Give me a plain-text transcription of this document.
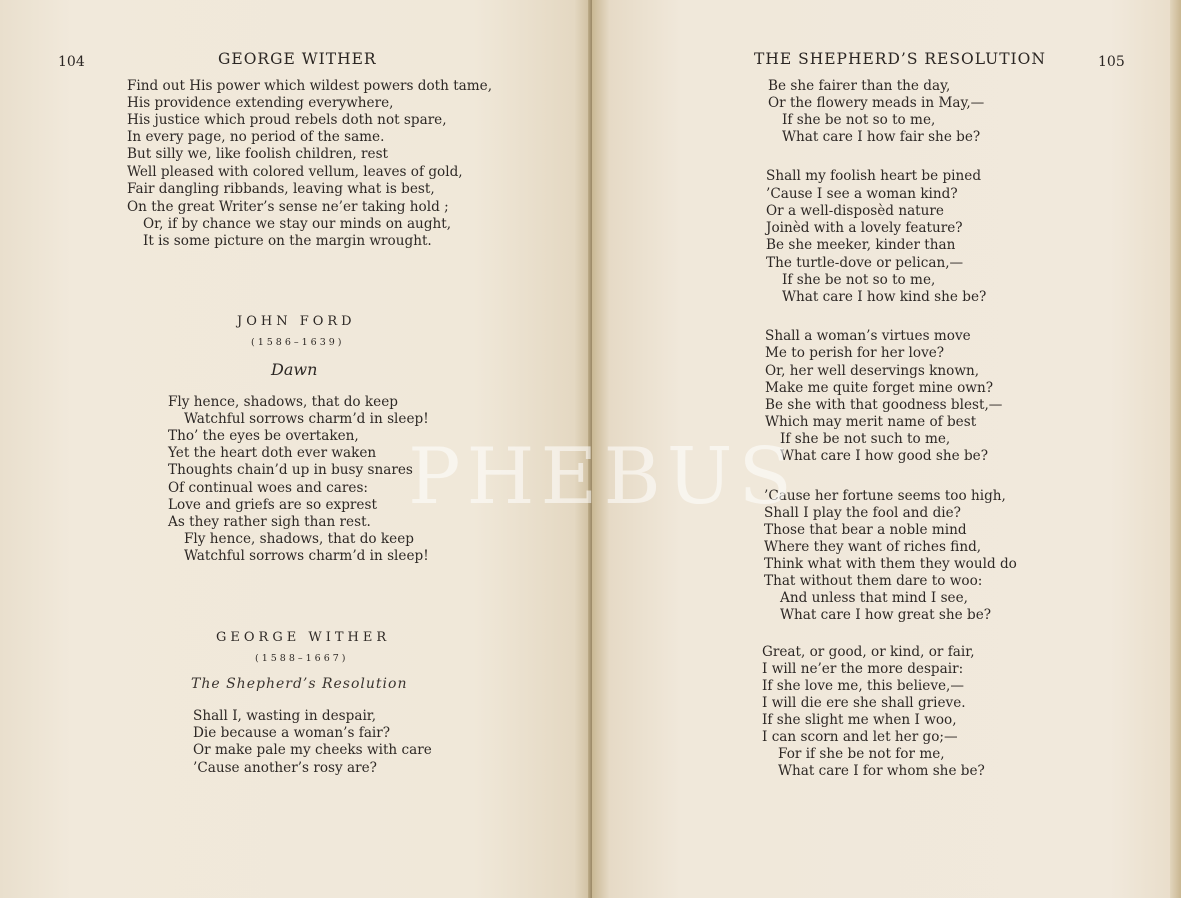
104	GEORGE WITHER
Find out His power which wildest powers doth tame,
His providence extending everywhere,
His justice which proud rebels doth not spare,
In every page, no period of the same.
But silly we, like foolish children, rest
Well pleased with colored vellum, leaves of gold,
Fair dangling ribbands, leaving what is best,
On the great Writer’s sense ne’er taking hold ;
Or, if by chance we stay our minds on aught,
It is some picture on the margin wrought.
JOHN FORD
(1586–1639)
Dawn
Fly hence, shadows, that do keep
Watchful sorrows charm’d in sleep!
Tho’ the eyes be overtaken,
Yet the heart doth ever waken
Thoughts chain’d up in busy snares
Of continual woes and cares:
Love and griefs are so exprest
As they rather sigh than rest.
Fly hence, shadows, that do keep
Watchful sorrows charm’d in sleep!
GEORGE WITHER
(1588–1667)
The Shepherd’s Resolution
Shall I, wasting in despair,
Die because a woman’s fair?
Or make pale my cheeks with care
’Cause another’s rosy are?
THE SHEPHERD’S RESOLUTION	105
Be she fairer than the day,
Or the flowery meads in May,—
If she be not so to me,
What care I how fair she be?
Shall my foolish heart be pined
’Cause I see a woman kind?
Or a well-disposèd nature
Joinèd with a lovely feature?
Be she meeker, kinder than
The turtle-dove or pelican,—
If she be not so to me,
What care I how kind she be?
Shall a woman’s virtues move
Me to perish for her love?
Or, her well deservings known,
Make me quite forget mine own?
Be she with that goodness blest,—
Which may merit name of best
If she be not such to me,
What care I how good she be?
’Cause her fortune seems too high,
Shall I play the fool and die?
Those that bear a noble mind
Where they want of riches find,
Think what with them they would do
That without them dare to woo:
And unless that mind I see,
What care I how great she be?
Great, or good, or kind, or fair,
I will ne’er the more despair:
If she love me, this believe,—
I will die ere she shall grieve.
If she slight me when I woo,
I can scorn and let her go;—
For if she be not for me,
What care I for whom she be?
PHEBUS
